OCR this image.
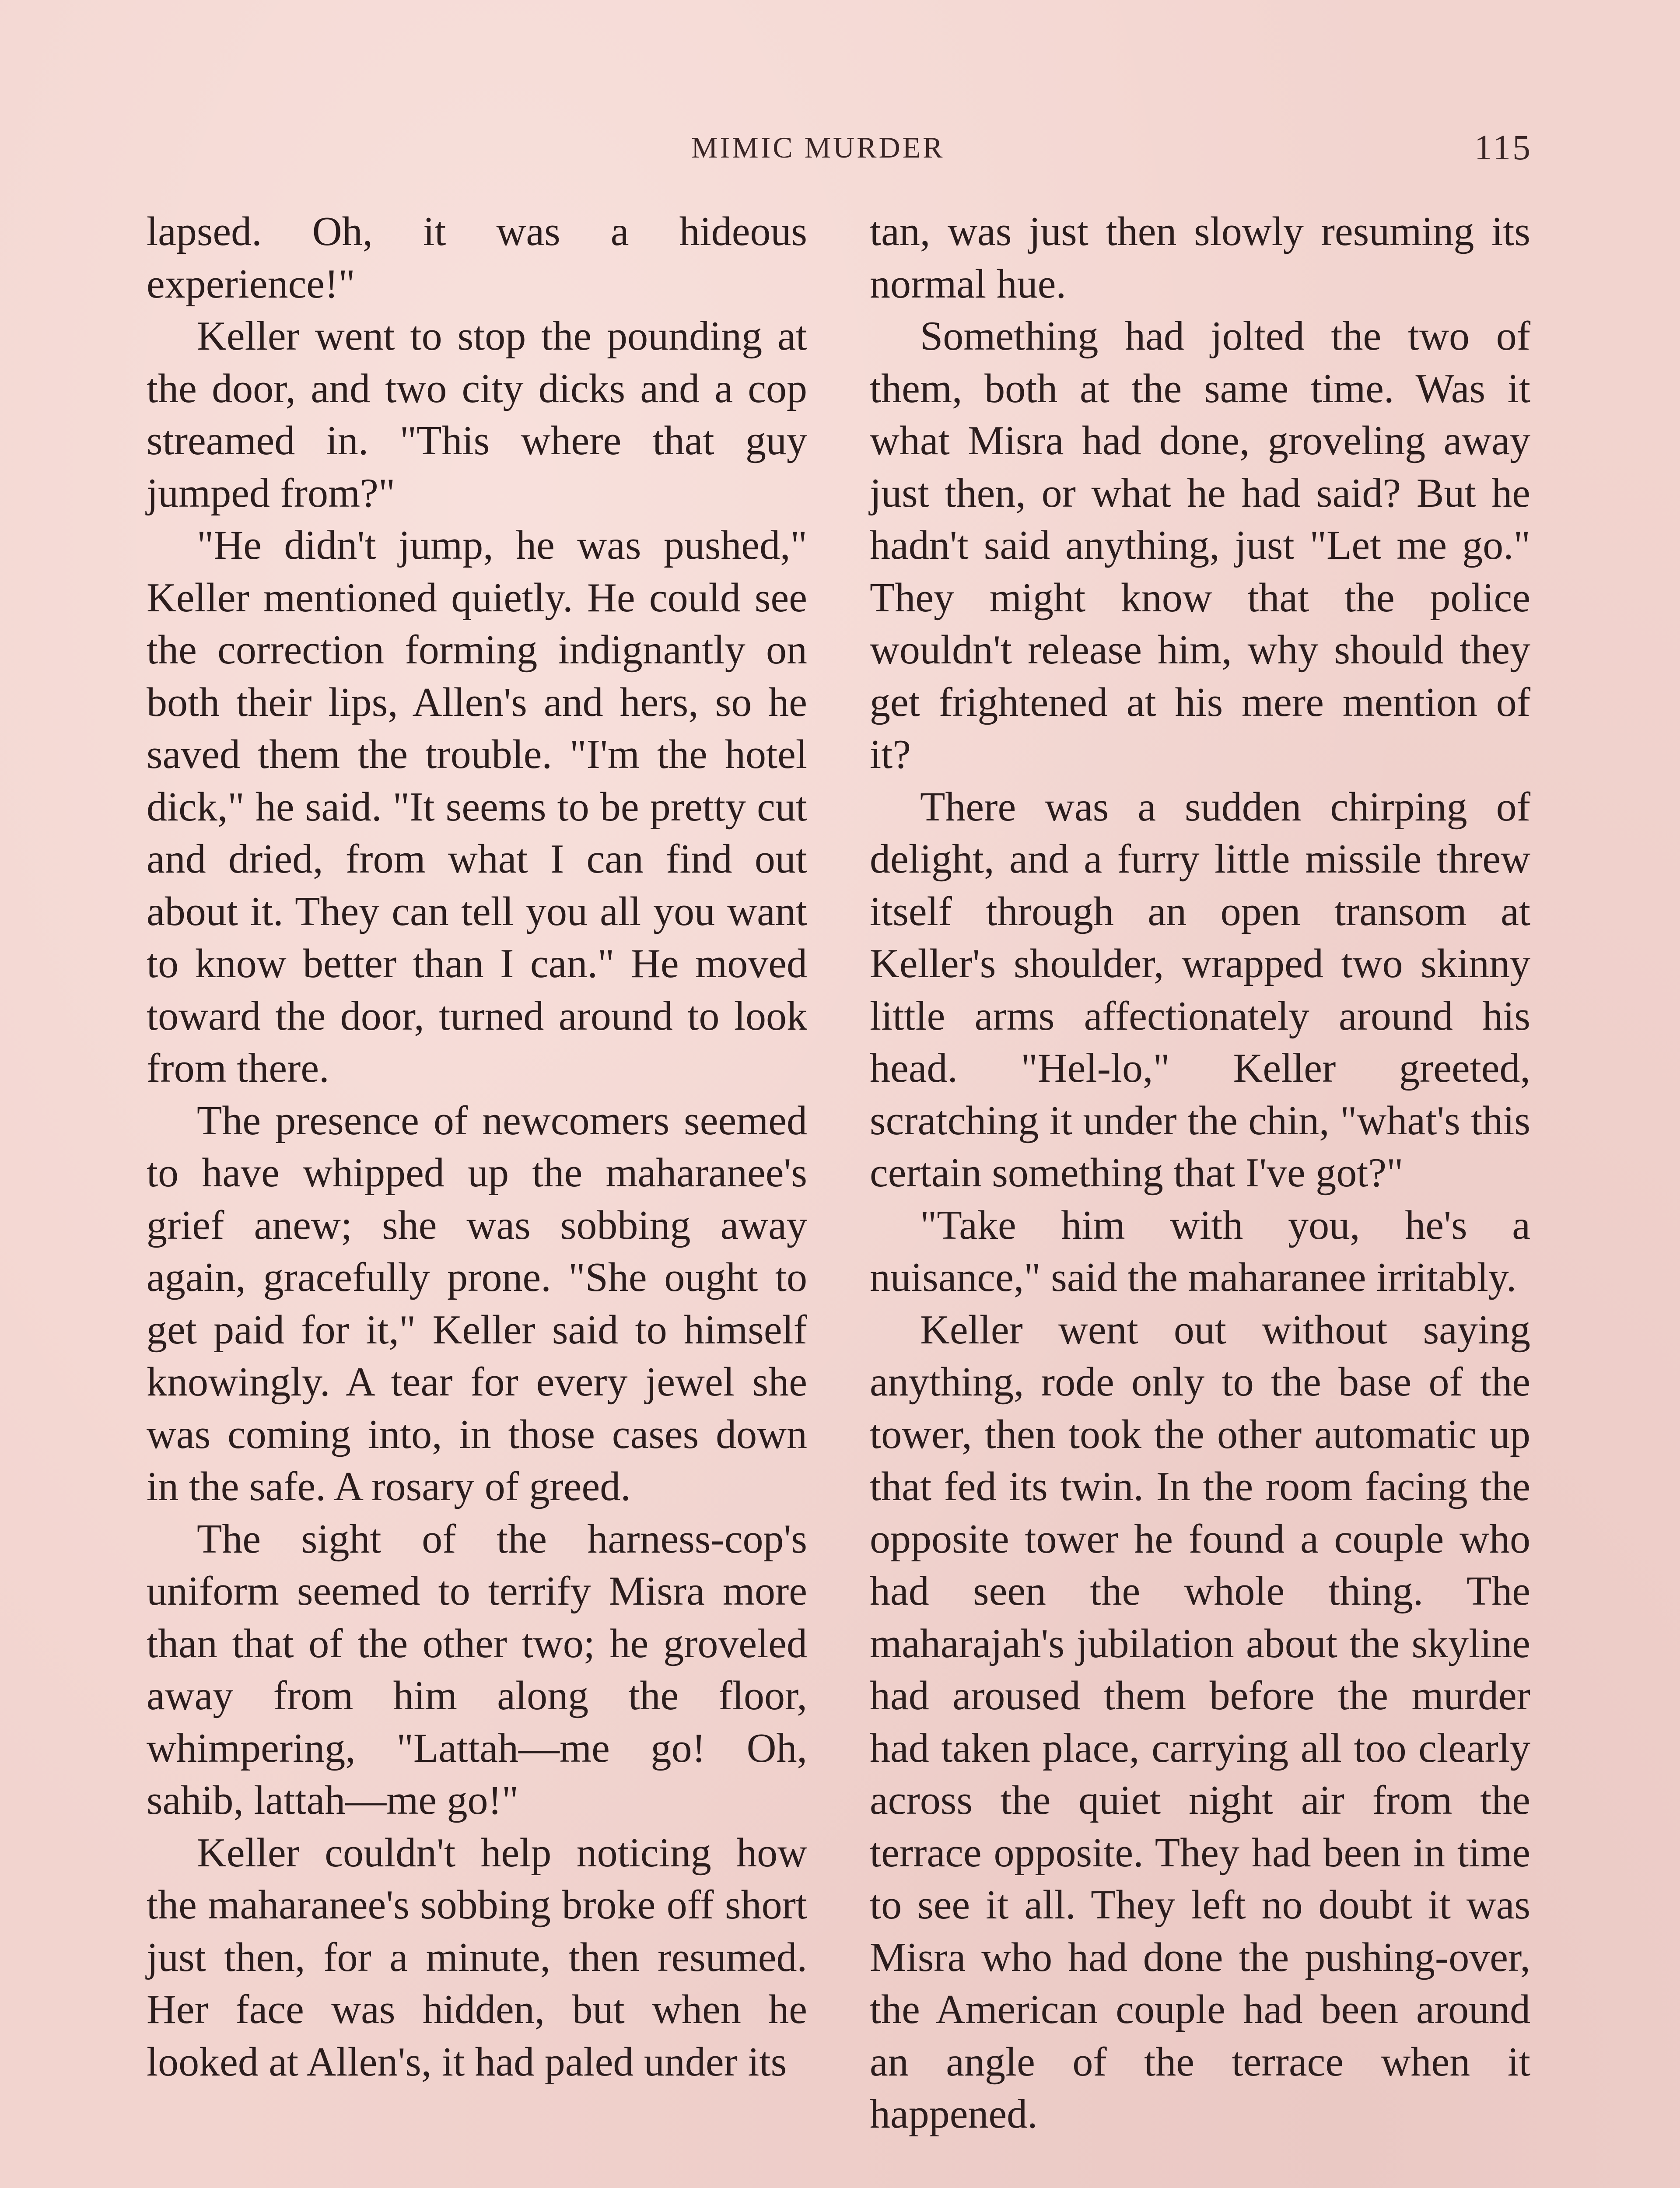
MIMIC MURDER	115

lapsed. Oh, it was a hideous experience!"

Keller went to stop the pounding at the door, and two city dicks and a cop streamed in. "This where that guy jumped from?"

"He didn't jump, he was pushed," Keller mentioned quietly. He could see the correction forming indignantly on both their lips, Allen's and hers, so he saved them the trouble. "I'm the hotel dick," he said. "It seems to be pretty cut and dried, from what I can find out about it. They can tell you all you want to know better than I can." He moved toward the door, turned around to look from there.

The presence of newcomers seemed to have whipped up the maharanee's grief anew; she was sobbing away again, gracefully prone. "She ought to get paid for it," Keller said to himself knowingly. A tear for every jewel she was coming into, in those cases down in the safe. A rosary of greed.

The sight of the harness-cop's uniform seemed to terrify Misra more than that of the other two; he groveled away from him along the floor, whimpering, "Lattah—me go! Oh, sahib, lattah—me go!"

Keller couldn't help noticing how the maharanee's sobbing broke off short just then, for a minute, then resumed. Her face was hidden, but when he looked at Allen's, it had paled under its

tan, was just then slowly resuming its normal hue.

Something had jolted the two of them, both at the same time. Was it what Misra had done, groveling away just then, or what he had said? But he hadn't said anything, just "Let me go." They might know that the police wouldn't release him, why should they get frightened at his mere mention of it?

There was a sudden chirping of delight, and a furry little missile threw itself through an open transom at Keller's shoulder, wrapped two skinny little arms affectionately around his head. "Hel-lo," Keller greeted, scratching it under the chin, "what's this certain something that I've got?"

"Take him with you, he's a nuisance," said the maharanee irritably.

Keller went out without saying anything, rode only to the base of the tower, then took the other automatic up that fed its twin. In the room facing the opposite tower he found a couple who had seen the whole thing. The maharajah's jubilation about the skyline had aroused them before the murder had taken place, carrying all too clearly across the quiet night air from the terrace opposite. They had been in time to see it all. They left no doubt it was Misra who had done the pushing-over, the American couple had been around an angle of the terrace when it happened.
